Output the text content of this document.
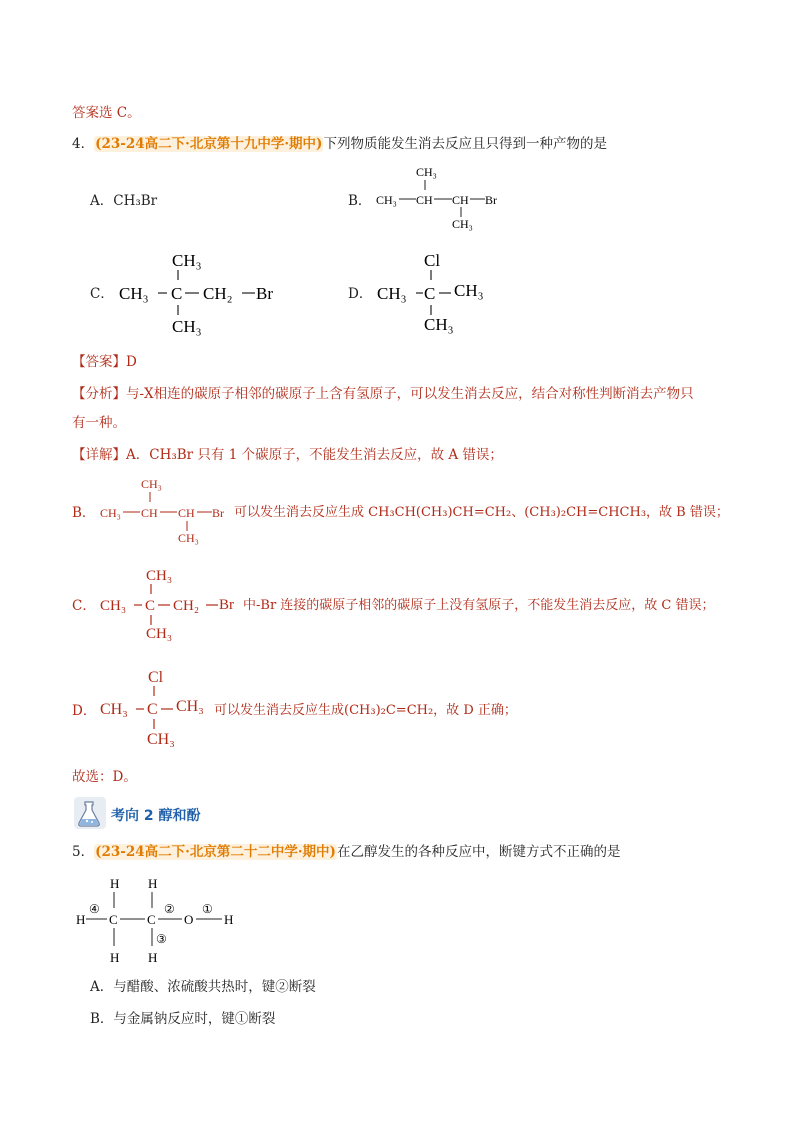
答案选 C。
4．(23-24高二下·北京第十九中学·期中)下列物质能发生消去反应且只得到一种产物的是
A．CH₃Br	B． CH₃ CH
CH₃
CH Br
CH₃
C．
CH₃
CH₃ C CH₂ Br
CH₃
D．
Cl
CH₃ C CH₃
CH₃
【答案】D
【分析】与-X相连的碳原子相邻的碳原子上含有氢原子，可以发生消去反应，结合对称性判断消去产物只
有一种。
【详解】A．CH₃Br 只有 1 个碳原子，不能发生消去反应，故 A 错误；
B． CH₃ CH
CH₃
CH Br
CH₃
可以发生消去反应生成 CH₃CH(CH₃)CH=CH₂、(CH₃)₂CH=CHCH₃，故 B 错误；
C．
CH₃
CH₃ C CH₂ Br
CH₃
中-Br 连接的碳原子相邻的碳原子上没有氢原子，不能发生消去反应，故 C 错误；
D．
Cl
CH₃ C CH₃
CH₃
可以发生消去反应生成(CH₃)₂C=CH₂，故 D 正确；
故选：D。
考向 2 醇和酚
5．(23-24高二下·北京第二十二中学·期中)在乙醇发生的各种反应中，断键方式不正确的是
H H
H C C O H
H H
④	② ①
③
A．与醋酸、浓硫酸共热时，键②断裂
B．与金属钠反应时，键①断裂
